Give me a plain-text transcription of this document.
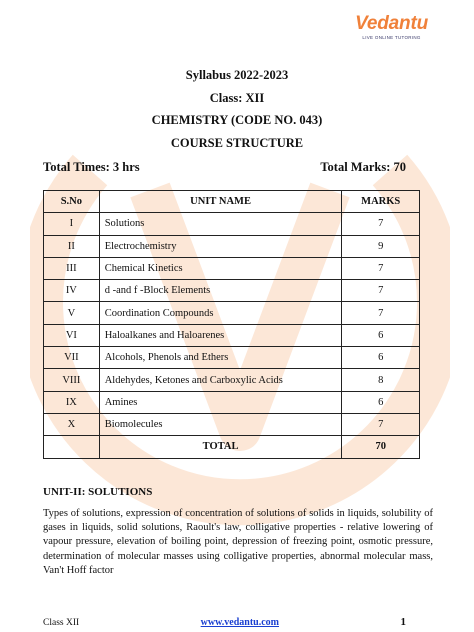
Vedantu
LIVE ONLINE TUTORING
Syllabus 2022-2023
Class: XII
CHEMISTRY (CODE NO. 043)
COURSE STRUCTURE
Total Times: 3 hrs	Total Marks: 70
S.No	UNIT NAME	MARKS
I	Solutions	7
II	Electrochemistry	9
III	Chemical Kinetics	7
IV	d -and f -Block Elements	7
V	Coordination Compounds	7
VI	Haloalkanes and Haloarenes	6
VII	Alcohols, Phenols and Ethers	6
VIII	Aldehydes, Ketones and Carboxylic Acids	8
IX	Amines	6
X	Biomolecules	7
	TOTAL	70
UNIT-II: SOLUTIONS
Types of solutions, expression of concentration of solutions of solids in liquids, solubility of gases in liquids, solid solutions, Raoult's law, colligative properties - relative lowering of vapour pressure, elevation of boiling point, depression of freezing point, osmotic pressure, determination of molecular masses using colligative properties, abnormal molecular mass, Van't Hoff factor
Class XII	www.vedantu.com	1
